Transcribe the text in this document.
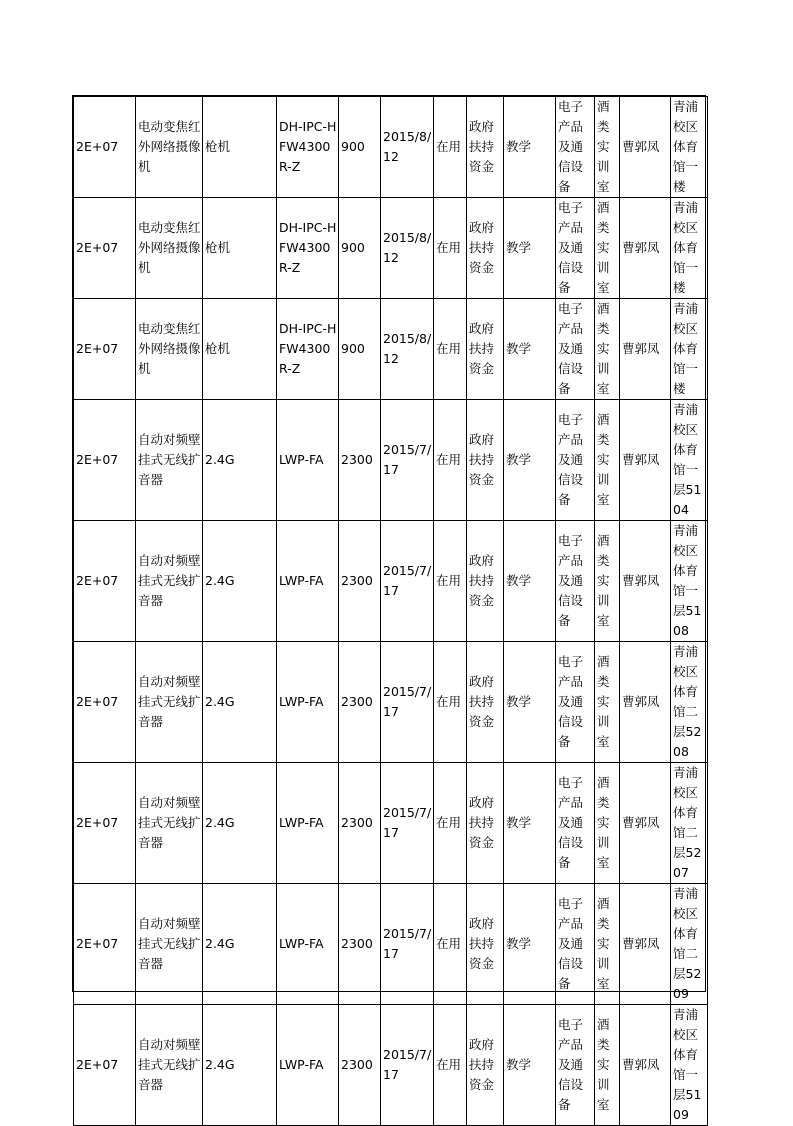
2E+07	电动变焦红外网络摄像机	枪机	DH-IPC-HFW4300R-Z	900	2015/8/12	在用	政府扶持资金	教学	电子产品及通信设备	酒类实训室	曹郭凤	青浦校区体育馆一楼

2E+07	电动变焦红外网络摄像机	枪机	DH-IPC-HFW4300R-Z	900	2015/8/12	在用	政府扶持资金	教学	电子产品及通信设备	酒类实训室	曹郭凤	青浦校区体育馆一楼

2E+07	电动变焦红外网络摄像机	枪机	DH-IPC-HFW4300R-Z	900	2015/8/12	在用	政府扶持资金	教学	电子产品及通信设备	酒类实训室	曹郭凤	青浦校区体育馆一楼

2E+07	自动对频壁挂式无线扩音器	2.4G	LWP-FA	2300	2015/7/17	在用	政府扶持资金	教学	电子产品及通信设备	酒类实训室	曹郭凤	青浦校区体育馆一层5104

2E+07	自动对频壁挂式无线扩音器	2.4G	LWP-FA	2300	2015/7/17	在用	政府扶持资金	教学	电子产品及通信设备	酒类实训室	曹郭凤	青浦校区体育馆一层5108

2E+07	自动对频壁挂式无线扩音器	2.4G	LWP-FA	2300	2015/7/17	在用	政府扶持资金	教学	电子产品及通信设备	酒类实训室	曹郭凤	青浦校区体育馆二层5208

2E+07	自动对频壁挂式无线扩音器	2.4G	LWP-FA	2300	2015/7/17	在用	政府扶持资金	教学	电子产品及通信设备	酒类实训室	曹郭凤	青浦校区体育馆二层5207

2E+07	自动对频壁挂式无线扩音器	2.4G	LWP-FA	2300	2015/7/17	在用	政府扶持资金	教学	电子产品及通信设备	酒类实训室	曹郭凤	青浦校区体育馆二层5209

2E+07	自动对频壁挂式无线扩音器	2.4G	LWP-FA	2300	2015/7/17	在用	政府扶持资金	教学	电子产品及通信设备	酒类实训室	曹郭凤	青浦校区体育馆一层5109
